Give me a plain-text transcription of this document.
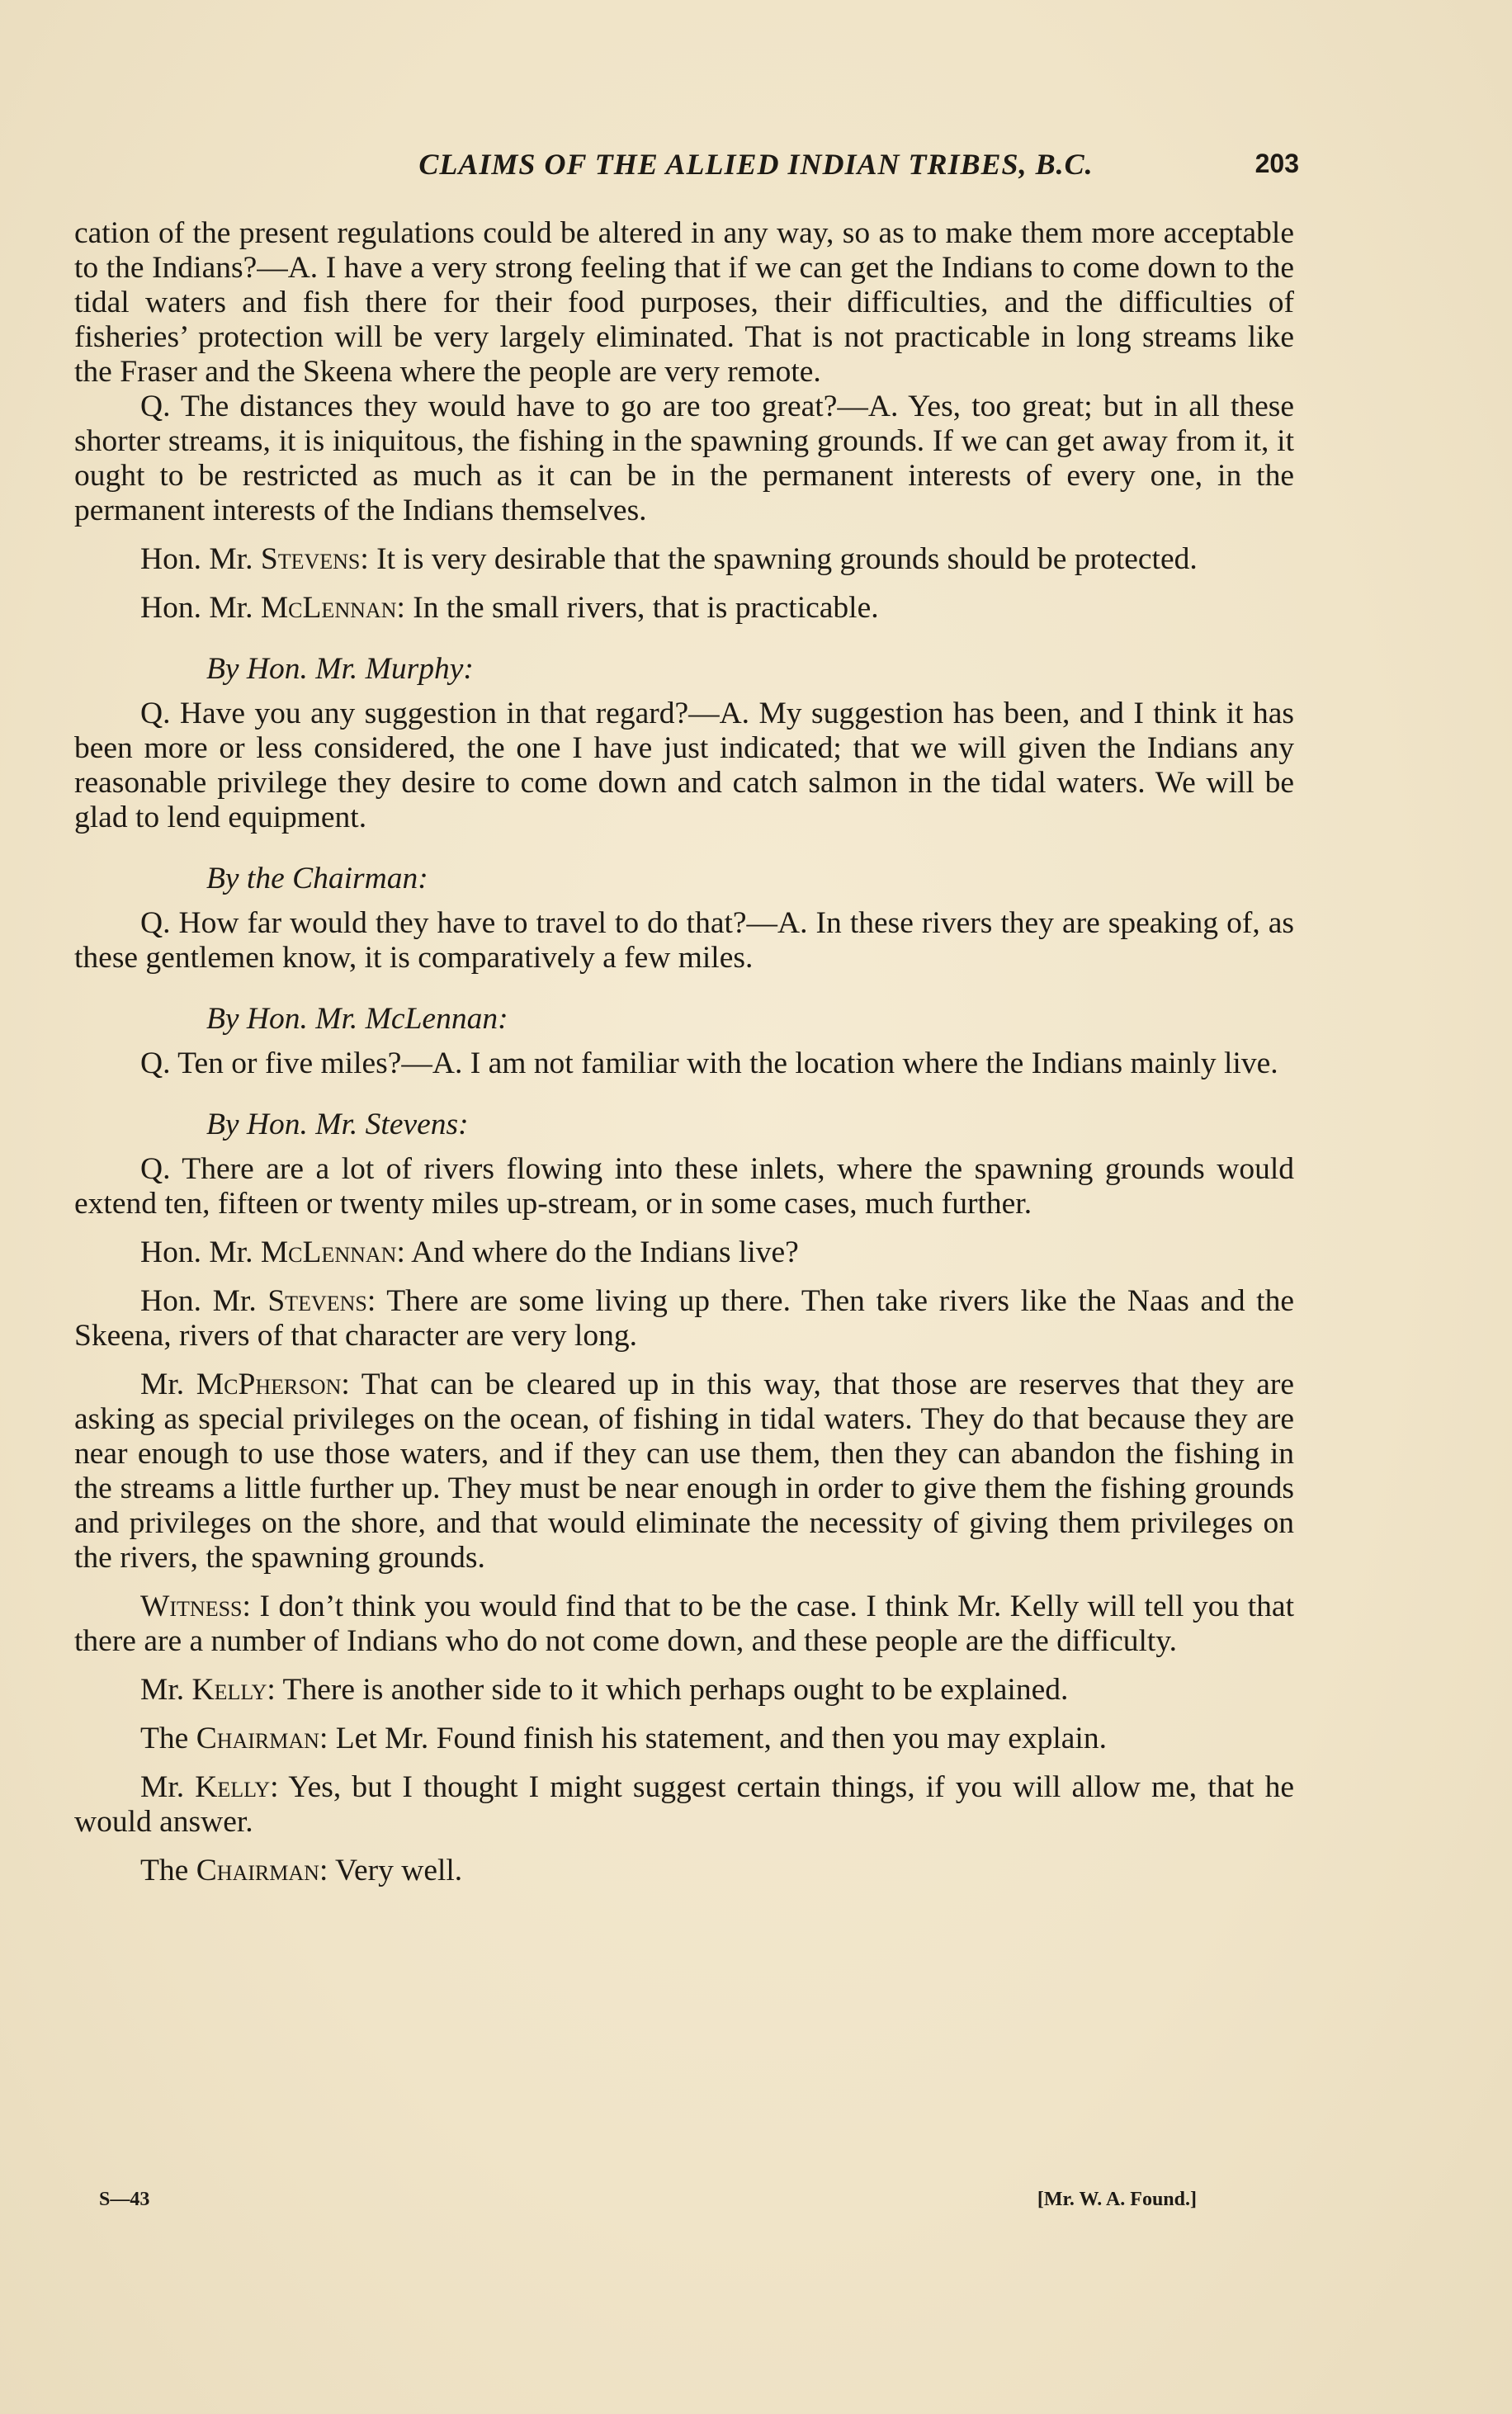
CLAIMS OF THE ALLIED INDIAN TRIBES, B.C.	203

cation of the present regulations could be altered in any way, so as to make them more acceptable to the Indians?—A. I have a very strong feeling that if we can get the Indians to come down to the tidal waters and fish there for their food purposes, their difficulties, and the difficulties of fisheries’ protection will be very largely eliminated. That is not practicable in long streams like the Fraser and the Skeena where the people are very remote.

Q. The distances they would have to go are too great?—A. Yes, too great; but in all these shorter streams, it is iniquitous, the fishing in the spawning grounds. If we can get away from it, it ought to be restricted as much as it can be in the permanent interests of every one, in the permanent interests of the Indians themselves.

Hon. Mr. Stevens: It is very desirable that the spawning grounds should be protected.

Hon. Mr. McLennan: In the small rivers, that is practicable.

By Hon. Mr. Murphy:

Q. Have you any suggestion in that regard?—A. My suggestion has been, and I think it has been more or less considered, the one I have just indicated; that we will given the Indians any reasonable privilege they desire to come down and catch salmon in the tidal waters. We will be glad to lend equipment.

By the Chairman:

Q. How far would they have to travel to do that?—A. In these rivers they are speaking of, as these gentlemen know, it is comparatively a few miles.

By Hon. Mr. McLennan:

Q. Ten or five miles?—A. I am not familiar with the location where the Indians mainly live.

By Hon. Mr. Stevens:

Q. There are a lot of rivers flowing into these inlets, where the spawning grounds would extend ten, fifteen or twenty miles up-stream, or in some cases, much further.

Hon. Mr. McLennan: And where do the Indians live?

Hon. Mr. Stevens: There are some living up there. Then take rivers like the Naas and the Skeena, rivers of that character are very long.

Mr. McPherson: That can be cleared up in this way, that those are reserves that they are asking as special privileges on the ocean, of fishing in tidal waters. They do that because they are near enough to use those waters, and if they can use them, then they can abandon the fishing in the streams a little further up. They must be near enough in order to give them the fishing grounds and privileges on the shore, and that would eliminate the necessity of giving them privileges on the rivers, the spawning grounds.

Witness: I don’t think you would find that to be the case. I think Mr. Kelly will tell you that there are a number of Indians who do not come down, and these people are the difficulty.

Mr. Kelly: There is another side to it which perhaps ought to be explained.

The Chairman: Let Mr. Found finish his statement, and then you may explain.

Mr. Kelly: Yes, but I thought I might suggest certain things, if you will allow me, that he would answer.

The Chairman: Very well.

S—43	[Mr. W. A. Found.]
